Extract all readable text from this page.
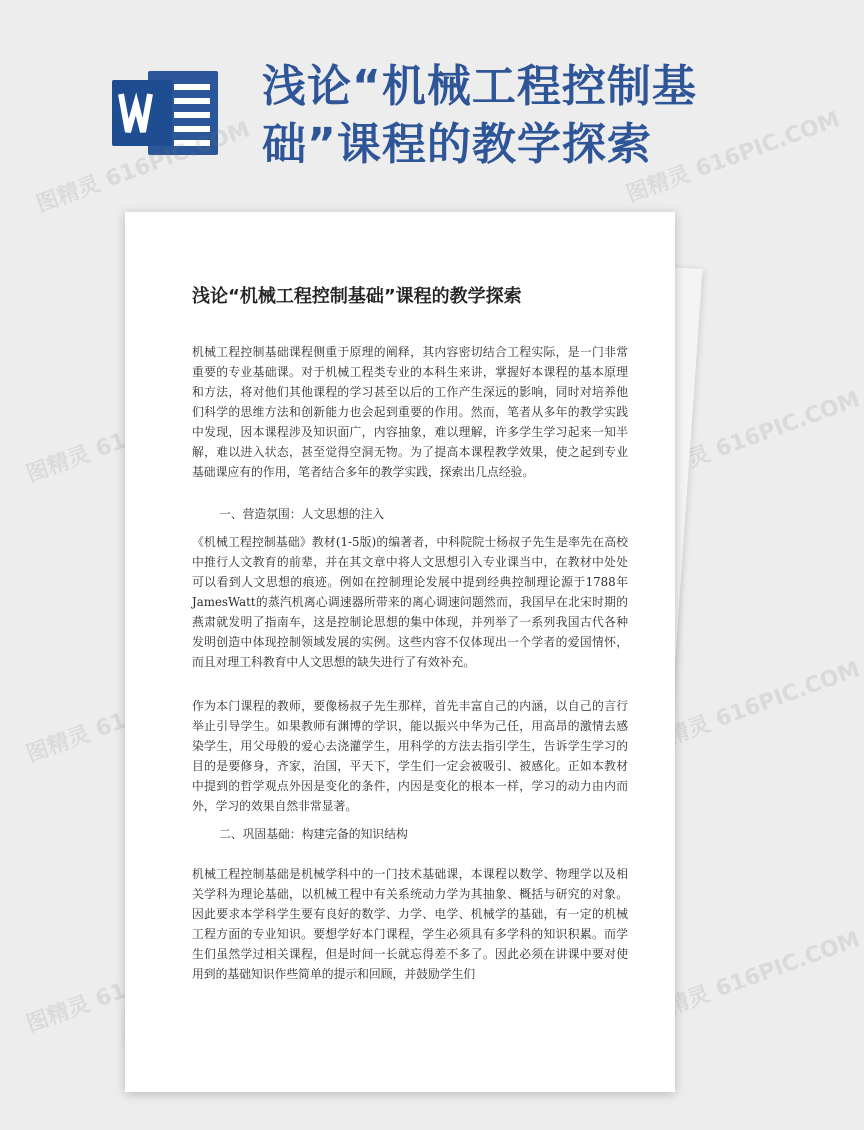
浅论“机械工程控制基础”课程的教学探索
图精灵 616PIC.COM	图精灵 616PIC.COM
图精灵	图精灵 616PIC.COM
图精灵	图精灵 616PIC.COM
图精灵	图精灵 616PIC.COM
浅论“机械工程控制基础”课程的教学探索

机械工程控制基础课程侧重于原理的阐释，其内容密切结合工程实际，是一门非常重要的专业基础课。对于机械工程类专业的本科生来讲，掌握好本课程的基本原理和方法，将对他们其他课程的学习甚至以后的工作产生深远的影响，同时对培养他们科学的思维方法和创新能力也会起到重要的作用。然而，笔者从多年的教学实践中发现，因本课程涉及知识面广，内容抽象，难以理解，许多学生学习起来一知半解，难以进入状态，甚至觉得空洞无物。为了提高本课程教学效果，使之起到专业基础课应有的作用，笔者结合多年的教学实践，探索出几点经验。

一、营造氛围：人文思想的注入

《机械工程控制基础》教材(1-5版)的编著者，中科院院士杨叔子先生是率先在高校中推行人文教育的前辈，并在其文章中将人文思想引入专业课当中，在教材中处处可以看到人文思想的痕迹。例如在控制理论发展中提到经典控制理论源于1788年JamesWatt的蒸汽机离心调速器所带来的离心调速问题然而，我国早在北宋时期的燕肃就发明了指南车，这是控制论思想的集中体现，并列举了一系列我国古代各种发明创造中体现控制领域发展的实例。这些内容不仅体现出一个学者的爱国情怀，而且对理工科教育中人文思想的缺失进行了有效补充。

作为本门课程的教师，要像杨叔子先生那样，首先丰富自己的内涵，以自己的言行举止引导学生。如果教师有渊博的学识，能以振兴中华为己任，用高昂的激情去感染学生，用父母般的爱心去浇灌学生，用科学的方法去指引学生，告诉学生学习的目的是要修身，齐家，治国，平天下，学生们一定会被吸引、被感化。正如本教材中提到的哲学观点外因是变化的条件，内因是变化的根本一样，学习的动力由内而外，学习的效果自然非常显著。

二、巩固基础：构建完备的知识结构

机械工程控制基础是机械学科中的一门技术基础课，本课程以数学、物理学以及相关学科为理论基础，以机械工程中有关系统动力学为其抽象、概括与研究的对象。因此要求本学科学生要有良好的数学、力学、电学、机械学的基础，有一定的机械工程方面的专业知识。要想学好本门课程，学生必须具有多学科的知识积累。而学生们虽然学过相关课程，但是时间一长就忘得差不多了。因此必须在讲课中要对使用到的基础知识作些简单的提示和回顾，并鼓励学生们
